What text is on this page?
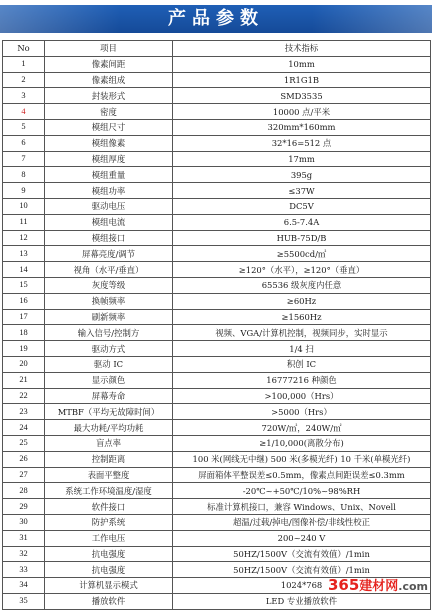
产品参数
No	项目	技术指标
1	像素间距	10mm
2	像素组成	1R1G1B
3	封装形式	SMD3535
4	密度	10000 点/平米
5	模组尺寸	320mm*160mm
6	模组像素	32*16=512 点
7	模组厚度	17mm
8	模组重量	395g
9	模组功率	≤37W
10	驱动电压	DC5V
11	模组电流	6.5-7.4A
12	模组接口	HUB-75D/B
13	屏幕亮度/调节	≥5500cd/㎡
14	视角（水平/垂直）	≥120°（水平），≥120°（垂直）
15	灰度等级	65536 级灰度内任意
16	换帧频率	≥60Hz
17	刷新频率	≥1560Hz
18	输入信号/控制方	视频、VGA/计算机控制，视频同步，实时显示
19	驱动方式	1/4 扫
20	驱动 IC	积创 IC
21	显示颜色	16777216 种颜色
22	屏幕寿命	>100,000（Hrs）
23	MTBF（平均无故障时间）	>5000（Hrs）
24	最大功耗/平均功耗	720W/㎡，240W/㎡
25	盲点率	≥1/10,000(离散分布)
26	控制距离	100 米(网线无中继) 500 米(多模光纤) 10 千米(单模光纤)
27	表面平整度	屏面箱体平整误差≤0.5mm，像素点间距误差≤0.3mm
28	系统工作环境温度/湿度	-20℃~+50℃/10%~98%RH
29	软件接口	标准计算机接口，兼容 Windows、Unix、Novell
30	防护系统	超温/过载/掉电/图像补偿/非线性校正
31	工作电压	200~240 V
32	抗电强度	50HZ/1500V（交流有效值）/1min
33	抗电强度	50HZ/1500V（交流有效值）/1min
34	计算机显示模式	1024*768
35	播放软件	LED 专业播放软件
365建材网.com
